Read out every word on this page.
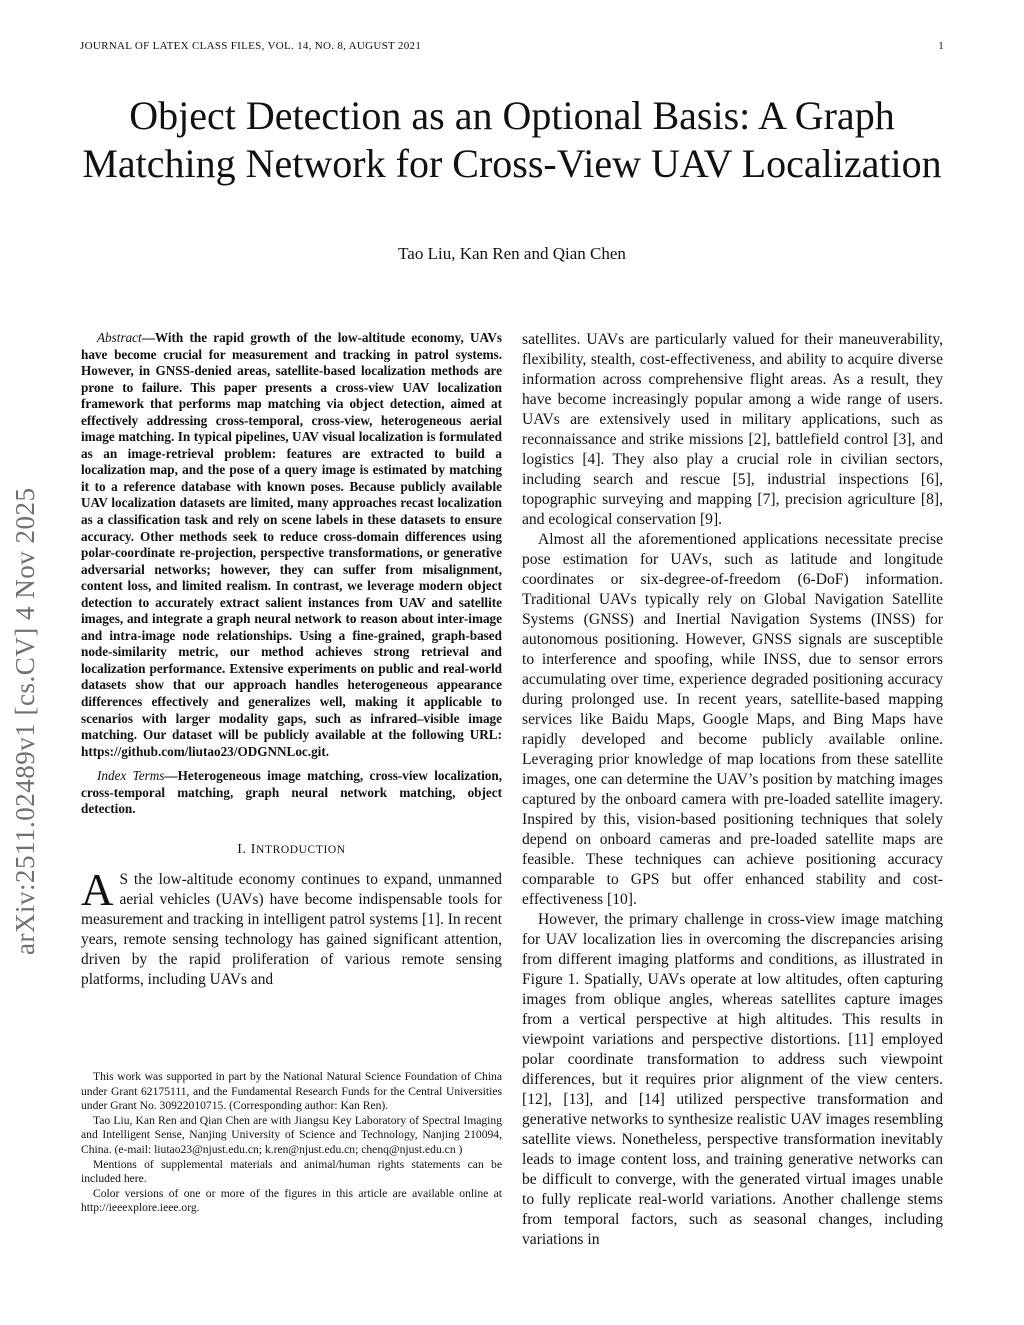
JOURNAL OF LATEX CLASS FILES, VOL. 14, NO. 8, AUGUST 2021	1
arXiv:2511.02489v1 [cs.CV] 4 Nov 2025
Object Detection as an Optional Basis: A Graph Matching Network for Cross-View UAV Localization
Tao Liu, Kan Ren and Qian Chen

Abstract—With the rapid growth of the low-altitude economy, UAVs have become crucial for measurement and tracking in patrol systems. However, in GNSS-denied areas, satellite-based localization methods are prone to failure. This paper presents a cross-view UAV localization framework that performs map matching via object detection, aimed at effectively addressing cross-temporal, cross-view, heterogeneous aerial image matching. In typical pipelines, UAV visual localization is formulated as an image-retrieval problem: features are extracted to build a localization map, and the pose of a query image is estimated by matching it to a reference database with known poses. Because publicly available UAV localization datasets are limited, many approaches recast localization as a classification task and rely on scene labels in these datasets to ensure accuracy. Other methods seek to reduce cross-domain differences using polar-coordinate re-projection, perspective transformations, or generative adversarial networks; however, they can suffer from misalignment, content loss, and limited realism. In contrast, we leverage modern object detection to accurately extract salient instances from UAV and satellite images, and integrate a graph neural network to reason about inter-image and intra-image node relationships. Using a fine-grained, graph-based node-similarity metric, our method achieves strong retrieval and localization performance. Extensive experiments on public and real-world datasets show that our approach handles heterogeneous appearance differences effectively and generalizes well, making it applicable to scenarios with larger modality gaps, such as infrared–visible image matching. Our dataset will be publicly available at the following URL: https://github.com/liutao23/ODGNNLoc.git.

Index Terms—Heterogeneous image matching, cross-view localization, cross-temporal matching, graph neural network matching, object detection.

I. INTRODUCTION

A S the low-altitude economy continues to expand, unmanned aerial vehicles (UAVs) have become indispensable tools for measurement and tracking in intelligent patrol systems [1]. In recent years, remote sensing technology has gained significant attention, driven by the rapid proliferation of various remote sensing platforms, including UAVs and

This work was supported in part by the National Natural Science Foundation of China under Grant 62175111, and the Fundamental Research Funds for the Central Universities under Grant No. 30922010715. (Corresponding author: Kan Ren).

Tao Liu, Kan Ren and Qian Chen are with Jiangsu Key Laboratory of Spectral Imaging and Intelligent Sense, Nanjing University of Science and Technology, Nanjing 210094, China. (e-mail: liutao23@njust.edu.cn; k.ren@njust.edu.cn; chenq@njust.edu.cn )

Mentions of supplemental materials and animal/human rights statements can be included here.

Color versions of one or more of the figures in this article are available online at http://ieeexplore.ieee.org.

satellites. UAVs are particularly valued for their maneuverability, flexibility, stealth, cost-effectiveness, and ability to acquire diverse information across comprehensive flight areas. As a result, they have become increasingly popular among a wide range of users. UAVs are extensively used in military applications, such as reconnaissance and strike missions [2], battlefield control [3], and logistics [4]. They also play a crucial role in civilian sectors, including search and rescue [5], industrial inspections [6], topographic surveying and mapping [7], precision agriculture [8], and ecological conservation [9].

Almost all the aforementioned applications necessitate precise pose estimation for UAVs, such as latitude and longitude coordinates or six-degree-of-freedom (6-DoF) information. Traditional UAVs typically rely on Global Navigation Satellite Systems (GNSS) and Inertial Navigation Systems (INSS) for autonomous positioning. However, GNSS signals are susceptible to interference and spoofing, while INSS, due to sensor errors accumulating over time, experience degraded positioning accuracy during prolonged use. In recent years, satellite-based mapping services like Baidu Maps, Google Maps, and Bing Maps have rapidly developed and become publicly available online. Leveraging prior knowledge of map locations from these satellite images, one can determine the UAV’s position by matching images captured by the onboard camera with pre-loaded satellite imagery. Inspired by this, vision-based positioning techniques that solely depend on onboard cameras and pre-loaded satellite maps are feasible. These techniques can achieve positioning accuracy comparable to GPS but offer enhanced stability and cost-effectiveness [10].

However, the primary challenge in cross-view image matching for UAV localization lies in overcoming the discrepancies arising from different imaging platforms and conditions, as illustrated in Figure 1. Spatially, UAVs operate at low altitudes, often capturing images from oblique angles, whereas satellites capture images from a vertical perspective at high altitudes. This results in viewpoint variations and perspective distortions. [11] employed polar coordinate transformation to address such viewpoint differences, but it requires prior alignment of the view centers. [12], [13], and [14] utilized perspective transformation and generative networks to synthesize realistic UAV images resembling satellite views. Nonetheless, perspective transformation inevitably leads to image content loss, and training generative networks can be difficult to converge, with the generated virtual images unable to fully replicate real-world variations. Another challenge stems from temporal factors, such as seasonal changes, including variations in
